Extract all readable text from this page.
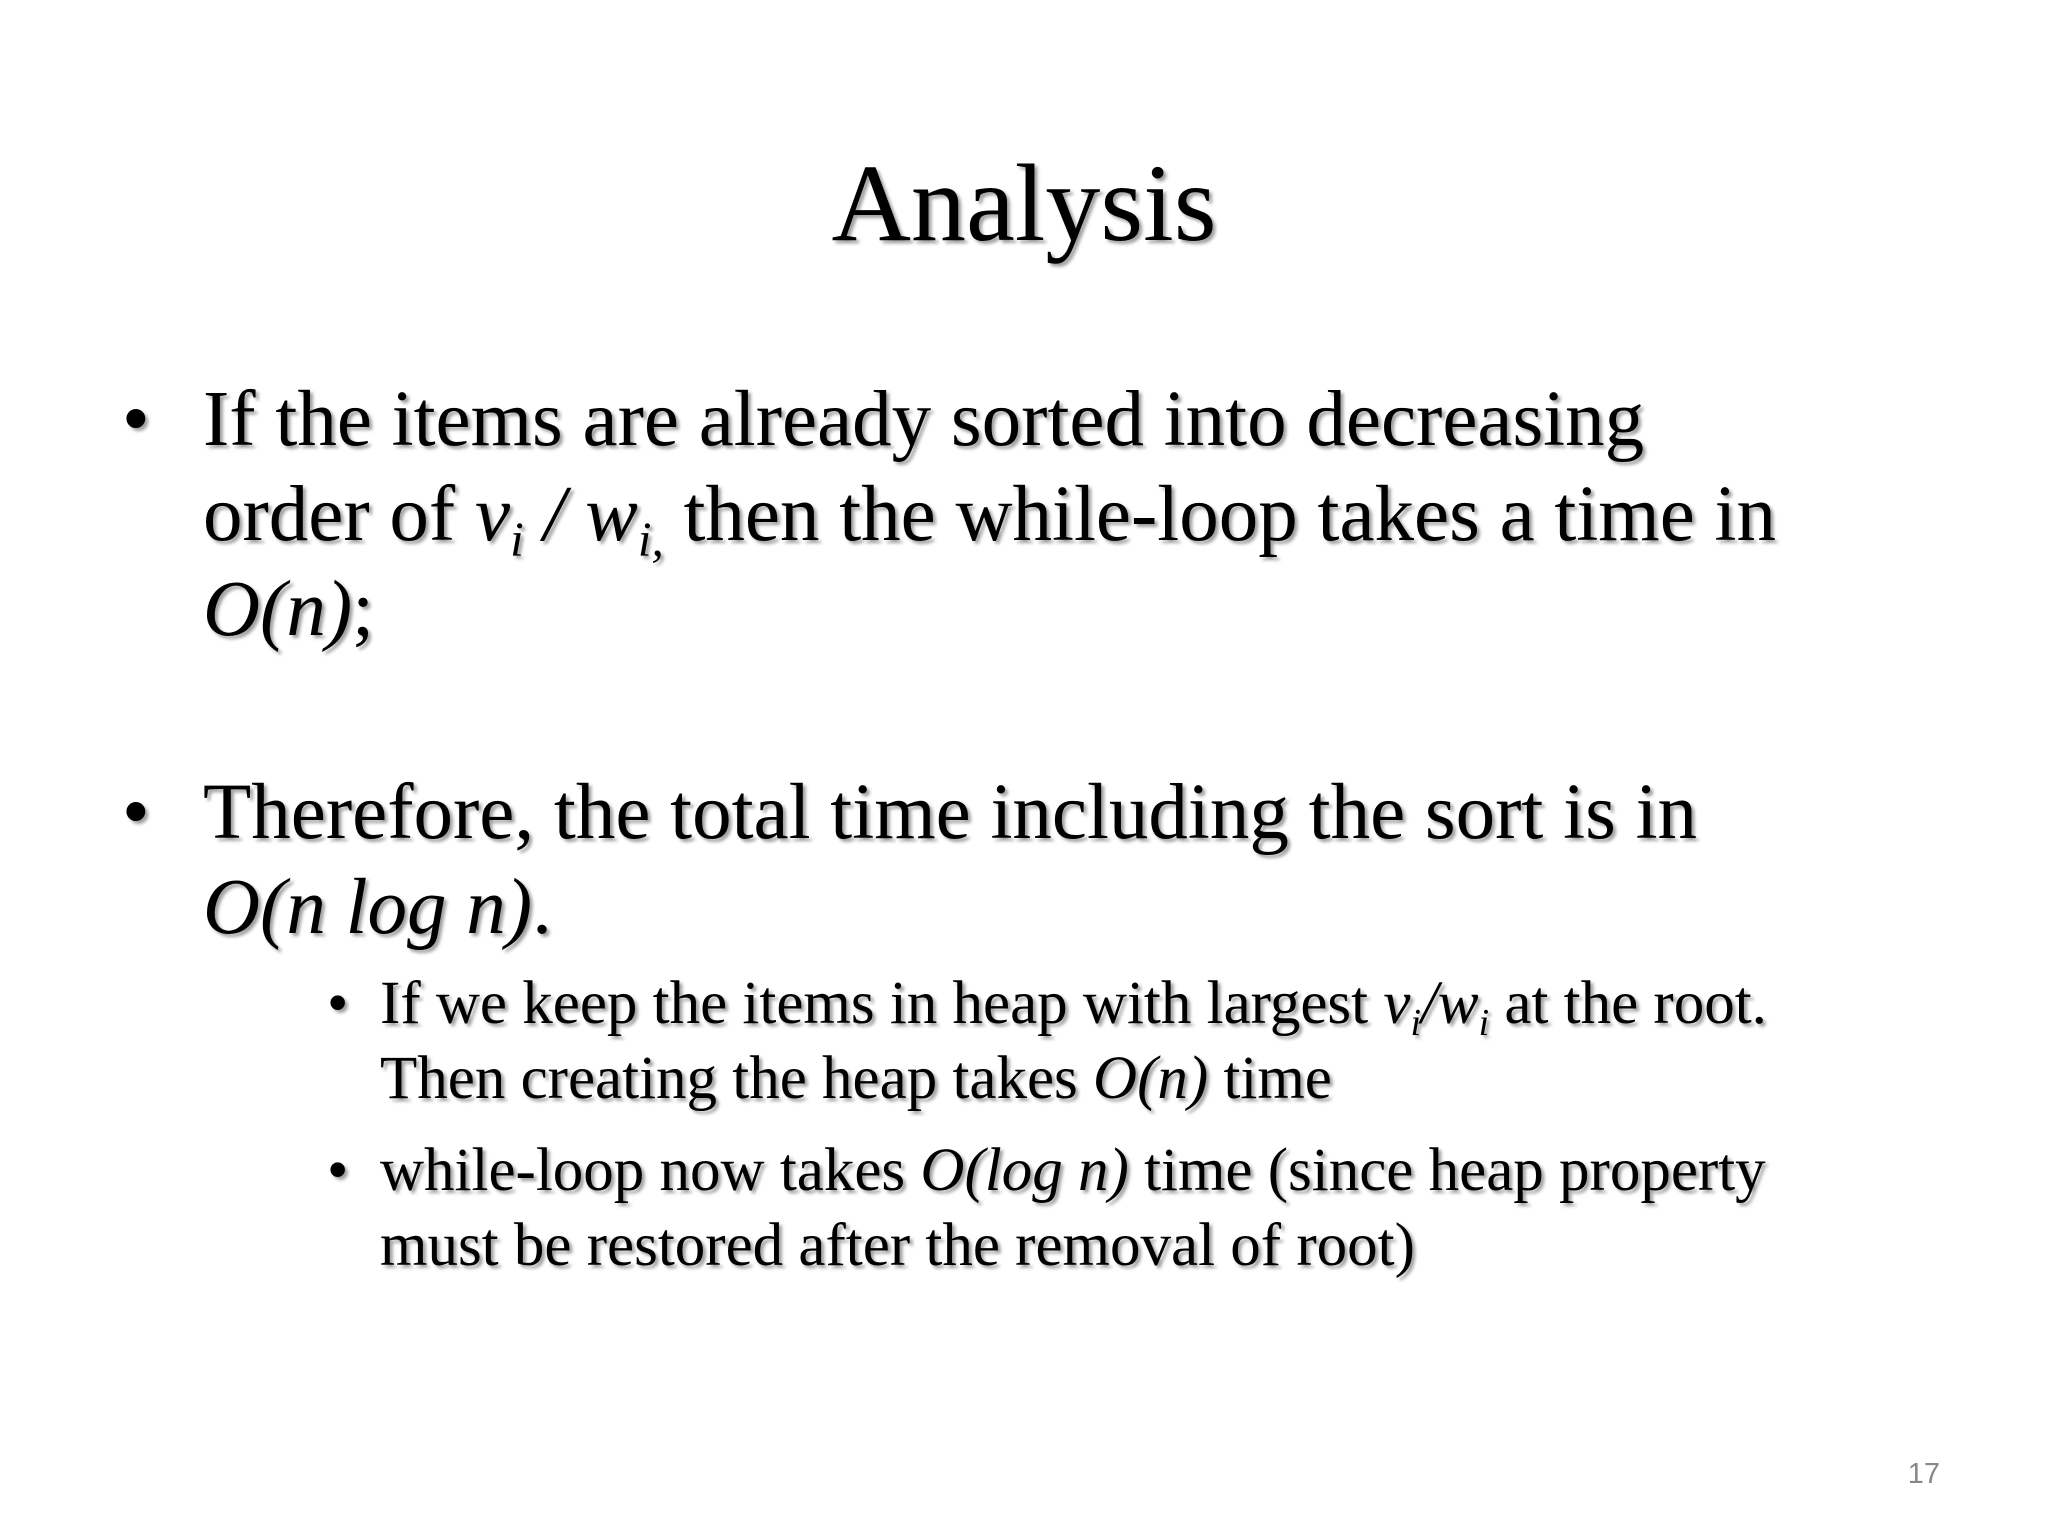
Analysis
• If the items are already sorted into decreasing
order of $v_i / w_{i,}$ then the while-loop takes a time in
O(n);
• Therefore, the total time including the sort is in
O(n log n).
• If we keep the items in heap with largest $v_i/w_i$ at the root.
Then creating the heap takes O(n) time
• while-loop now takes O(log n) time (since heap property
must be restored after the removal of root)
17
